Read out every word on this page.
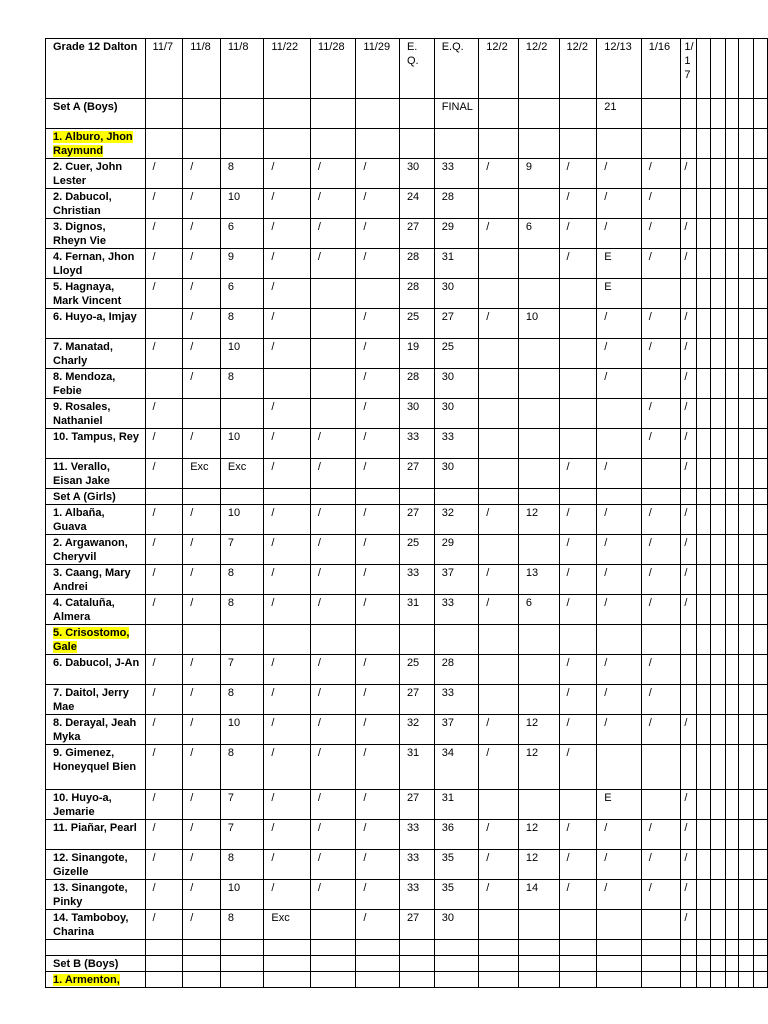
Grade 12 Dalton	11/7	11/8	11/8	11/22	11/28	11/29	E.Q.	E.Q.	12/2	12/2	12/2	12/13	1/16	1/17					
Set A (Boys)								FINAL				21							
1. Alburo, Jhon Raymund																			
2. Cuer, John Lester	/	/	8	/	/	/	30	33	/	9	/	/	/	/					
2. Dabucol, Christian	/	/	10	/	/	/	24	28			/	/	/						
3. Dignos, Rheyn Vie	/	/	6	/	/	/	27	29	/	6	/	/	/	/					
4. Fernan, Jhon Lloyd	/	/	9	/	/	/	28	31			/	E	/	/					
5. Hagnaya, Mark Vincent	/	/	6	/			28	30				E							
6. Huyo-a, Imjay		/	8	/		/	25	27	/	10		/	/	/					
7. Manatad, Charly	/	/	10	/		/	19	25				/	/	/					
8. Mendoza, Febie		/	8			/	28	30				/		/					
9. Rosales, Nathaniel	/			/		/	30	30					/	/					
10. Tampus, Rey	/	/	10	/	/	/	33	33					/	/					
11. Verallo, Eisan Jake	/	Exc	Exc	/	/	/	27	30			/	/		/					
Set A (Girls)																			
1. Albaña, Guava	/	/	10	/	/	/	27	32	/	12	/	/	/	/					
2. Argawanon, Cheryvil	/	/	7	/	/	/	25	29			/	/	/	/					
3. Caang, Mary Andrei	/	/	8	/	/	/	33	37	/	13	/	/	/	/					
4. Cataluña, Almera	/	/	8	/	/	/	31	33	/	6	/	/	/	/					
5. Crisostomo, Gale																			
6. Dabucol, J-An	/	/	7	/	/	/	25	28			/	/	/						
7. Daitol, Jerry Mae	/	/	8	/	/	/	27	33			/	/	/						
8. Derayal, Jeah Myka	/	/	10	/	/	/	32	37	/	12	/	/	/	/					
9. Gimenez, Honeyquel Bien	/	/	8	/	/	/	31	34	/	12	/								
10. Huyo-a, Jemarie	/	/	7	/	/	/	27	31				E		/					
11. Piañar, Pearl	/	/	7	/	/	/	33	36	/	12	/	/	/	/					
12. Sinangote, Gizelle	/	/	8	/	/	/	33	35	/	12	/	/	/	/					
13. Sinangote, Pinky	/	/	10	/	/	/	33	35	/	14	/	/	/	/					
14. Tamboboy, Charina	/	/	8	Exc		/	27	30						/					

Set B (Boys)																			
1. Armenton,																			
